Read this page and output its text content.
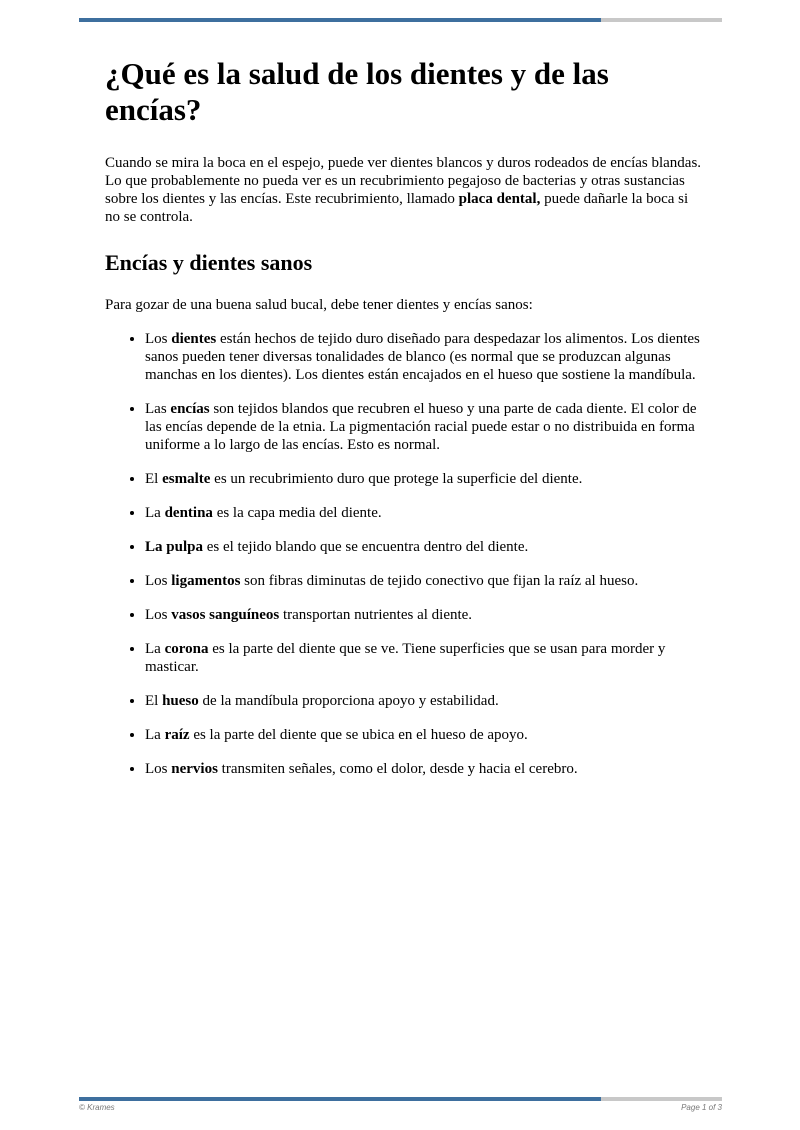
¿Qué es la salud de los dientes y de las encías?

Cuando se mira la boca en el espejo, puede ver dientes blancos y duros rodeados de encías blandas. Lo que probablemente no pueda ver es un recubrimiento pegajoso de bacterias y otras sustancias sobre los dientes y las encías. Este recubrimiento, llamado placa dental, puede dañarle la boca si no se controla.

Encías y dientes sanos

Para gozar de una buena salud bucal, debe tener dientes y encías sanos:

• Los dientes están hechos de tejido duro diseñado para despedazar los alimentos. Los dientes sanos pueden tener diversas tonalidades de blanco (es normal que se produzcan algunas manchas en los dientes). Los dientes están encajados en el hueso que sostiene la mandíbula.
• Las encías son tejidos blandos que recubren el hueso y una parte de cada diente. El color de las encías depende de la etnia. La pigmentación racial puede estar o no distribuida en forma uniforme a lo largo de las encías. Esto es normal.
• El esmalte es un recubrimiento duro que protege la superficie del diente.
• La dentina es la capa media del diente.
• La pulpa es el tejido blando que se encuentra dentro del diente.
• Los ligamentos son fibras diminutas de tejido conectivo que fijan la raíz al hueso.
• Los vasos sanguíneos transportan nutrientes al diente.
• La corona es la parte del diente que se ve. Tiene superficies que se usan para morder y masticar.
• El hueso de la mandíbula proporciona apoyo y estabilidad.
• La raíz es la parte del diente que se ubica en el hueso de apoyo.
• Los nervios transmiten señales, como el dolor, desde y hacia el cerebro.
© Krames	Page 1 of 3
